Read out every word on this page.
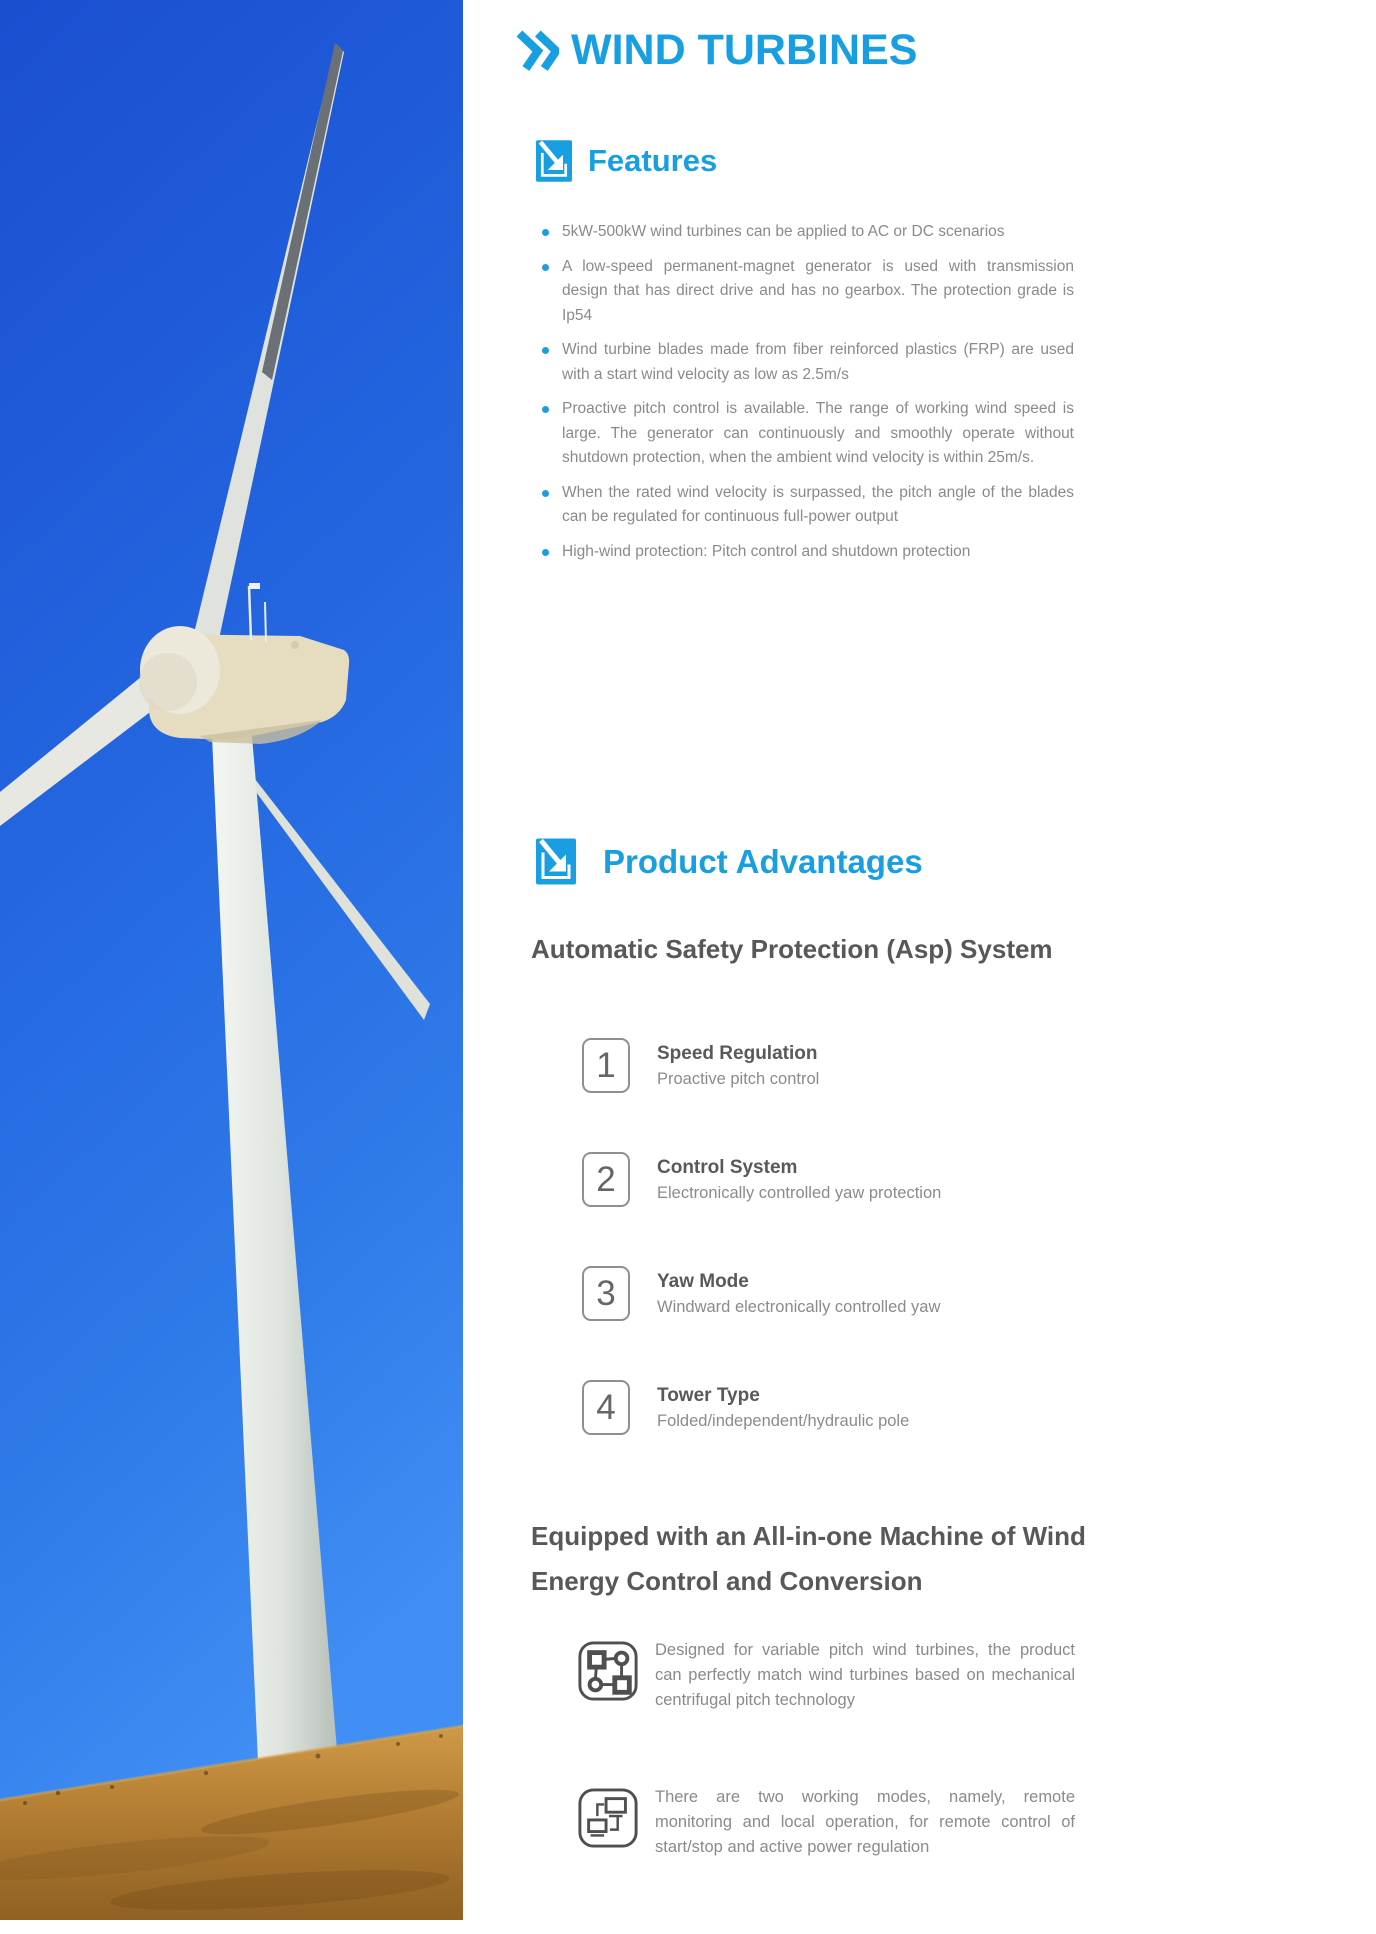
WIND TURBINES
Features
5kW-500kW wind turbines can be applied to AC or DC scenarios
A low-speed permanent-magnet generator is used with transmission design that has direct drive and has no gearbox. The protection grade is Ip54
Wind turbine blades made from fiber reinforced plastics (FRP) are used with a start wind velocity as low as 2.5m/s
Proactive pitch control is available. The range of working wind speed is large. The generator can continuously and smoothly operate without shutdown protection, when the ambient wind velocity is within 25m/s.
When the rated wind velocity is surpassed, the pitch angle of the blades can be regulated for continuous full-power output
High-wind protection: Pitch control and shutdown protection
Product Advantages
Automatic Safety Protection (Asp) System
1	Speed Regulation
Proactive pitch control
2	Control System
Electronically controlled yaw protection
3	Yaw Mode
Windward electronically controlled yaw
4	Tower Type
Folded/independent/hydraulic pole
Equipped with an All-in-one Machine of Wind Energy Control and Conversion

Designed for variable pitch wind turbines, the product can perfectly match wind turbines based on mechanical centrifugal pitch technology

There are two working modes, namely, remote monitoring and local operation, for remote control of start/stop and active power regulation
